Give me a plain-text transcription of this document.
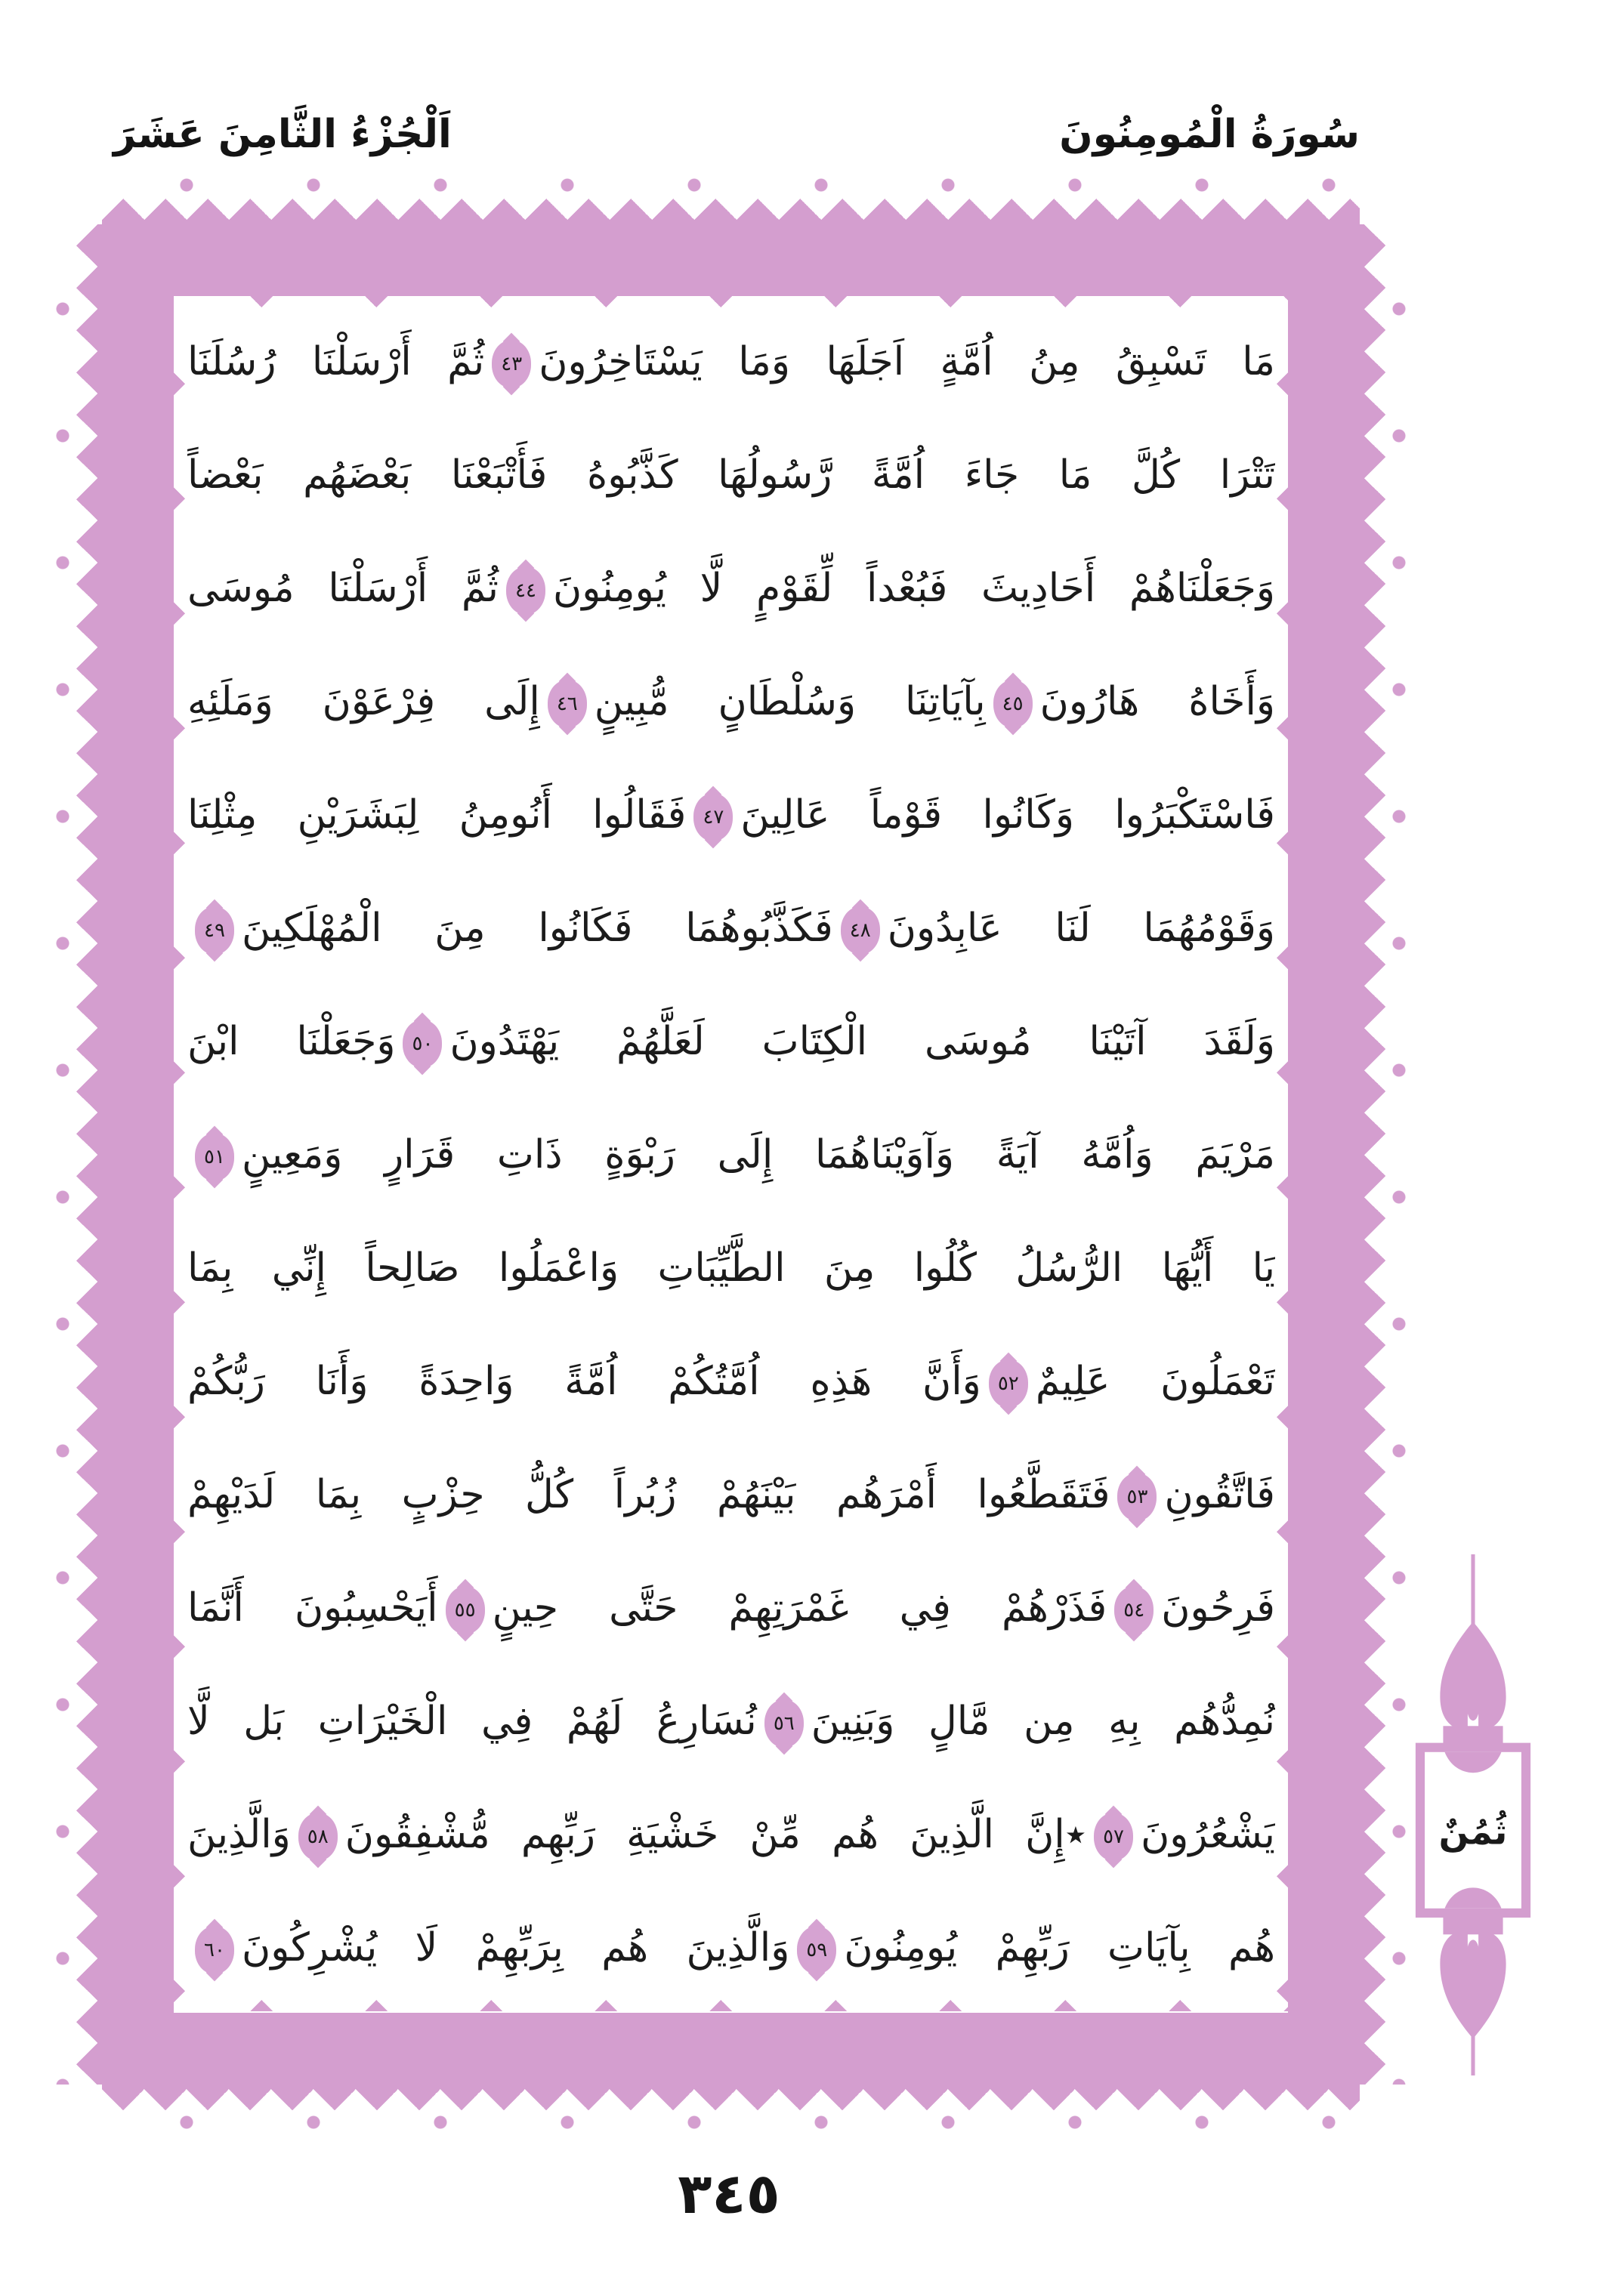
اَلْجُزْءُ الثَّامِنَ عَشَرَ	سُورَةُ الْمُومِنُونَ
مَا تَسْبِقُ مِنُ اُمَّةٍ اَجَلَهَا وَمَا يَسْتَاخِرُونَ
٤٣
ثُمَّ أَرْسَلْنَا رُسُلَنَا
تَتْرَا كُلَّ مَا جَاءَ اُمَّةً رَّسُولُهَا كَذَّبُوهُ فَأَتْبَعْنَا بَعْضَهُم بَعْضاً
وَجَعَلْنَاهُمْ أَحَادِيثَ فَبُعْداً لِّقَوْمٍ لَّا يُومِنُونَ
٤٤
ثُمَّ أَرْسَلْنَا مُوسَى
وَأَخَاهُ هَارُونَ
٤٥
بِآيَاتِنَا وَسُلْطَانٍ مُّبِينٍ
٤٦
إِلَى فِرْعَوْنَ وَمَلَئِهِ
فَاسْتَكْبَرُوا وَكَانُوا قَوْماً عَالِينَ
٤٧
فَقَالُوا أَنُومِنُ لِبَشَرَيْنِ مِثْلِنَا
وَقَوْمُهُمَا لَنَا عَابِدُونَ
٤٨
فَكَذَّبُوهُمَا فَكَانُوا مِنَ الْمُهْلَكِينَ
٤٩
وَلَقَدَ آتَيْنَا مُوسَى الْكِتَابَ لَعَلَّهُمْ يَهْتَدُونَ
٥٠
وَجَعَلْنَا ابْنَ
مَرْيَمَ وَاُمَّهُ آيَةً وَآوَيْنَاهُمَا إِلَى رَبْوَةٍ ذَاتِ قَرَارٍ وَمَعِينٍ
٥١
يَا أَيُّهَا الرُّسُلُ كُلُوا مِنَ الطَّيِّبَاتِ وَاعْمَلُوا صَالِحاً إِنِّي بِمَا
تَعْمَلُونَ عَلِيمٌ
٥٢
وَأَنَّ هَذِهِ اُمَّتُكُمْ اُمَّةً وَاحِدَةً وَأَنَا رَبُّكُمْ
فَاتَّقُونِ
٥٣
فَتَقَطَّعُوا أَمْرَهُم بَيْنَهُمْ زُبُراً كُلُّ حِزْبٍ بِمَا لَدَيْهِمْ
فَرِحُونَ
٥٤
فَذَرْهُمْ فِي غَمْرَتِهِمْ حَتَّى حِينٍ
٥٥
أَيَحْسِبُونَ أَنَّمَا
نُمِدُّهُم بِهِ مِن مَّالٍ وَبَنِينَ
٥٦
نُسَارِعُ لَهُمْ فِي الْخَيْرَاتِ بَل لَّا
يَشْعُرُونَ
٥٧
٭إِنَّ الَّذِينَ هُم مِّنْ خَشْيَةِ رَبِّهِم مُّشْفِقُونَ
٥٨
وَالَّذِينَ
هُم بِآيَاتِ رَبِّهِمْ يُومِنُونَ
٥٩
وَالَّذِينَ هُم بِرَبِّهِمْ لَا يُشْرِكُونَ
٦٠
ثُمُنٌ
٣٤٥
